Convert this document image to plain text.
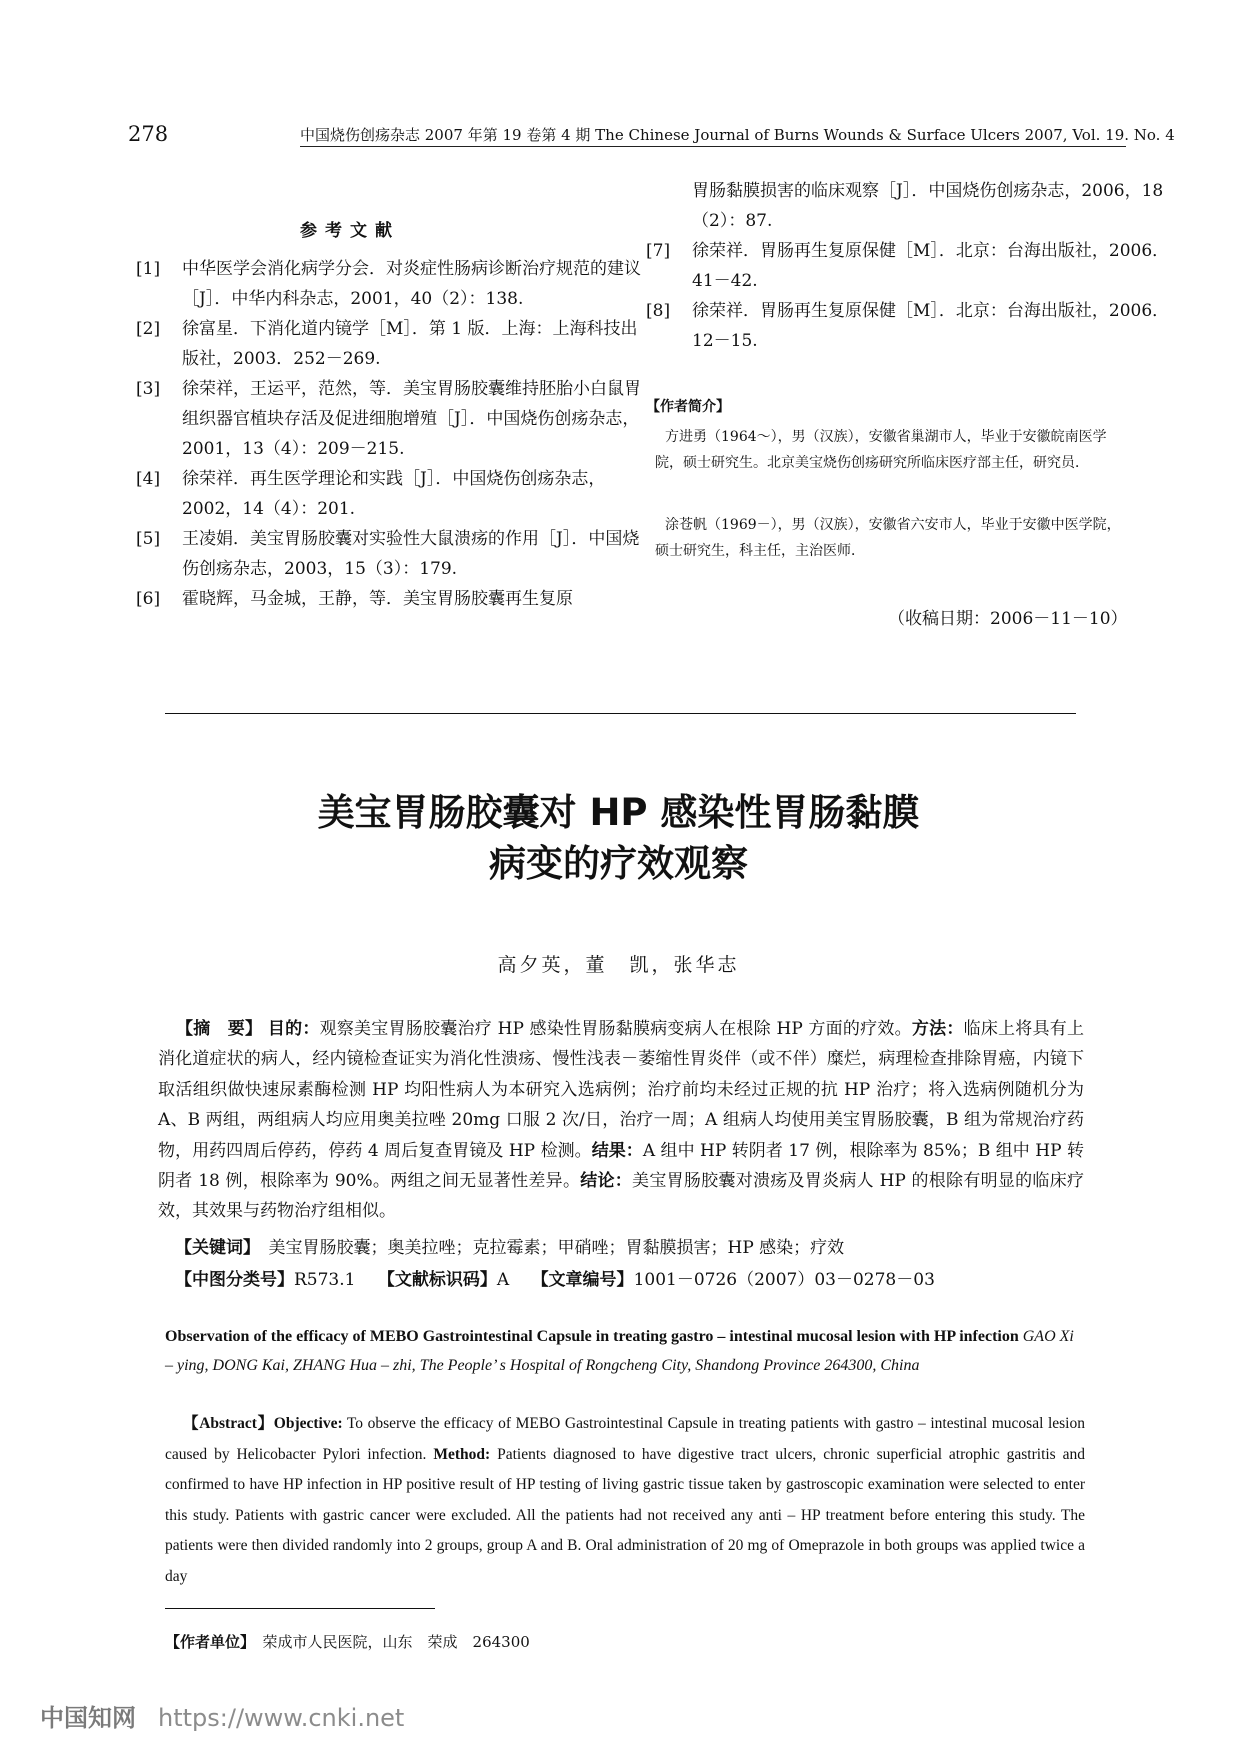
278	中国烧伤创疡杂志 2007 年第 19 卷第 4 期 The Chinese Journal of Burns Wounds & Surface Ulcers 2007, Vol. 19. No. 4
参考文献
[1] 中华医学会消化病学分会．对炎症性肠病诊断治疗规范的建议［J］．中华内科杂志，2001，40（2）：138.
[2] 徐富星．下消化道内镜学［M］．第 1 版．上海：上海科技出版社，2003．252－269.
[3] 徐荣祥，王运平，范然，等．美宝胃肠胶囊维持胚胎小白鼠胃组织器官植块存活及促进细胞增殖［J］．中国烧伤创疡杂志，2001，13（4）：209－215.
[4] 徐荣祥．再生医学理论和实践［J］．中国烧伤创疡杂志，2002，14（4）：201.
[5] 王凌娟．美宝胃肠胶囊对实验性大鼠溃疡的作用［J］．中国烧伤创疡杂志，2003，15（3）：179.
[6] 霍晓辉，马金城，王静，等．美宝胃肠胶囊再生复原
胃肠黏膜损害的临床观察［J］．中国烧伤创疡杂志，2006，18（2）：87.
[7] 徐荣祥．胃肠再生复原保健［M］．北京：台海出版社，2006．41－42.
[8] 徐荣祥．胃肠再生复原保健［M］．北京：台海出版社，2006．12－15.
【作者简介】
方进勇（1964～），男（汉族），安徽省巢湖市人，毕业于安徽皖南医学院，硕士研究生。北京美宝烧伤创疡研究所临床医疗部主任，研究员．
涂苍帆（1969－），男（汉族），安徽省六安市人，毕业于安徽中医学院，硕士研究生，科主任，主治医师．
（收稿日期：2006－11－10）
美宝胃肠胶囊对 HP 感染性胃肠黏膜
病变的疗效观察
高夕英，董　凯，张华志
【摘　要】 目的：观察美宝胃肠胶囊治疗 HP 感染性胃肠黏膜病变病人在根除 HP 方面的疗效。方法：临床上将具有上消化道症状的病人，经内镜检查证实为消化性溃疡、慢性浅表－萎缩性胃炎伴（或不伴）糜烂，病理检查排除胃癌，内镜下取活组织做快速尿素酶检测 HP 均阳性病人为本研究入选病例；治疗前均未经过正规的抗 HP 治疗；将入选病例随机分为 A、B 两组，两组病人均应用奥美拉唑 20mg 口服 2 次/日，治疗一周；A 组病人均使用美宝胃肠胶囊，B 组为常规治疗药物，用药四周后停药，停药 4 周后复查胃镜及 HP 检测。结果：A 组中 HP 转阴者 17 例，根除率为 85%；B 组中 HP 转阴者 18 例，根除率为 90%。两组之间无显著性差异。结论：美宝胃肠胶囊对溃疡及胃炎病人 HP 的根除有明显的临床疗效，其效果与药物治疗组相似。
【关键词】　 美宝胃肠胶囊；奥美拉唑；克拉霉素；甲硝唑；胃黏膜损害；HP 感染；疗效
【中图分类号】R573.1　 【文献标识码】A　 【文章编号】1001－0726（2007）03－0278－03
Observation of the efficacy of MEBO Gastrointestinal Capsule in treating gastro – intestinal mucosal lesion with HP infection GAO Xi – ying, DONG Kai, ZHANG Hua – zhi, The People’ s Hospital of Rongcheng City, Shandong Province 264300, China
【Abstract】Objective: To observe the efficacy of MEBO Gastrointestinal Capsule in treating patients with gastro – intestinal mucosal lesion caused by Helicobacter Pylori infection. Method: Patients diagnosed to have digestive tract ulcers, chronic superficial atrophic gastritis and confirmed to have HP infection in HP positive result of HP testing of living gastric tissue taken by gastroscopic examination were selected to enter this study. Patients with gastric cancer were excluded. All the patients had not received any anti – HP treatment before entering this study. The patients were then divided randomly into 2 groups, group A and B. Oral administration of 20 mg of Omeprazole in both groups was applied twice a day
【作者单位】　 荣成市人民医院，山东　荣成　264300
中国知网 https://www.cnki.net
